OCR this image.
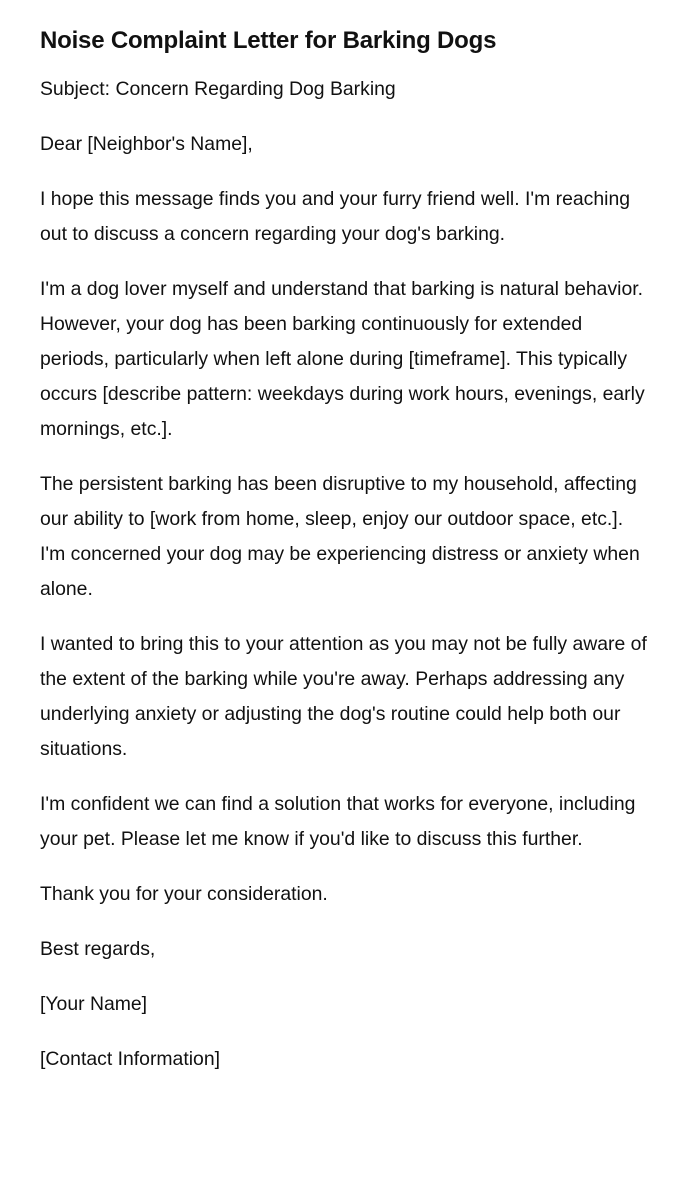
Noise Complaint Letter for Barking Dogs

Subject: Concern Regarding Dog Barking

Dear [Neighbor's Name],

I hope this message finds you and your furry friend well. I'm reaching out to discuss a concern regarding your dog's barking.

I'm a dog lover myself and understand that barking is natural behavior. However, your dog has been barking continuously for extended periods, particularly when left alone during [timeframe]. This typically occurs [describe pattern: weekdays during work hours, evenings, early mornings, etc.].

The persistent barking has been disruptive to my household, affecting our ability to [work from home, sleep, enjoy our outdoor space, etc.]. I'm concerned your dog may be experiencing distress or anxiety when alone.

I wanted to bring this to your attention as you may not be fully aware of the extent of the barking while you're away. Perhaps addressing any underlying anxiety or adjusting the dog's routine could help both our situations.

I'm confident we can find a solution that works for everyone, including your pet. Please let me know if you'd like to discuss this further.

Thank you for your consideration.

Best regards,

[Your Name]

[Contact Information]
